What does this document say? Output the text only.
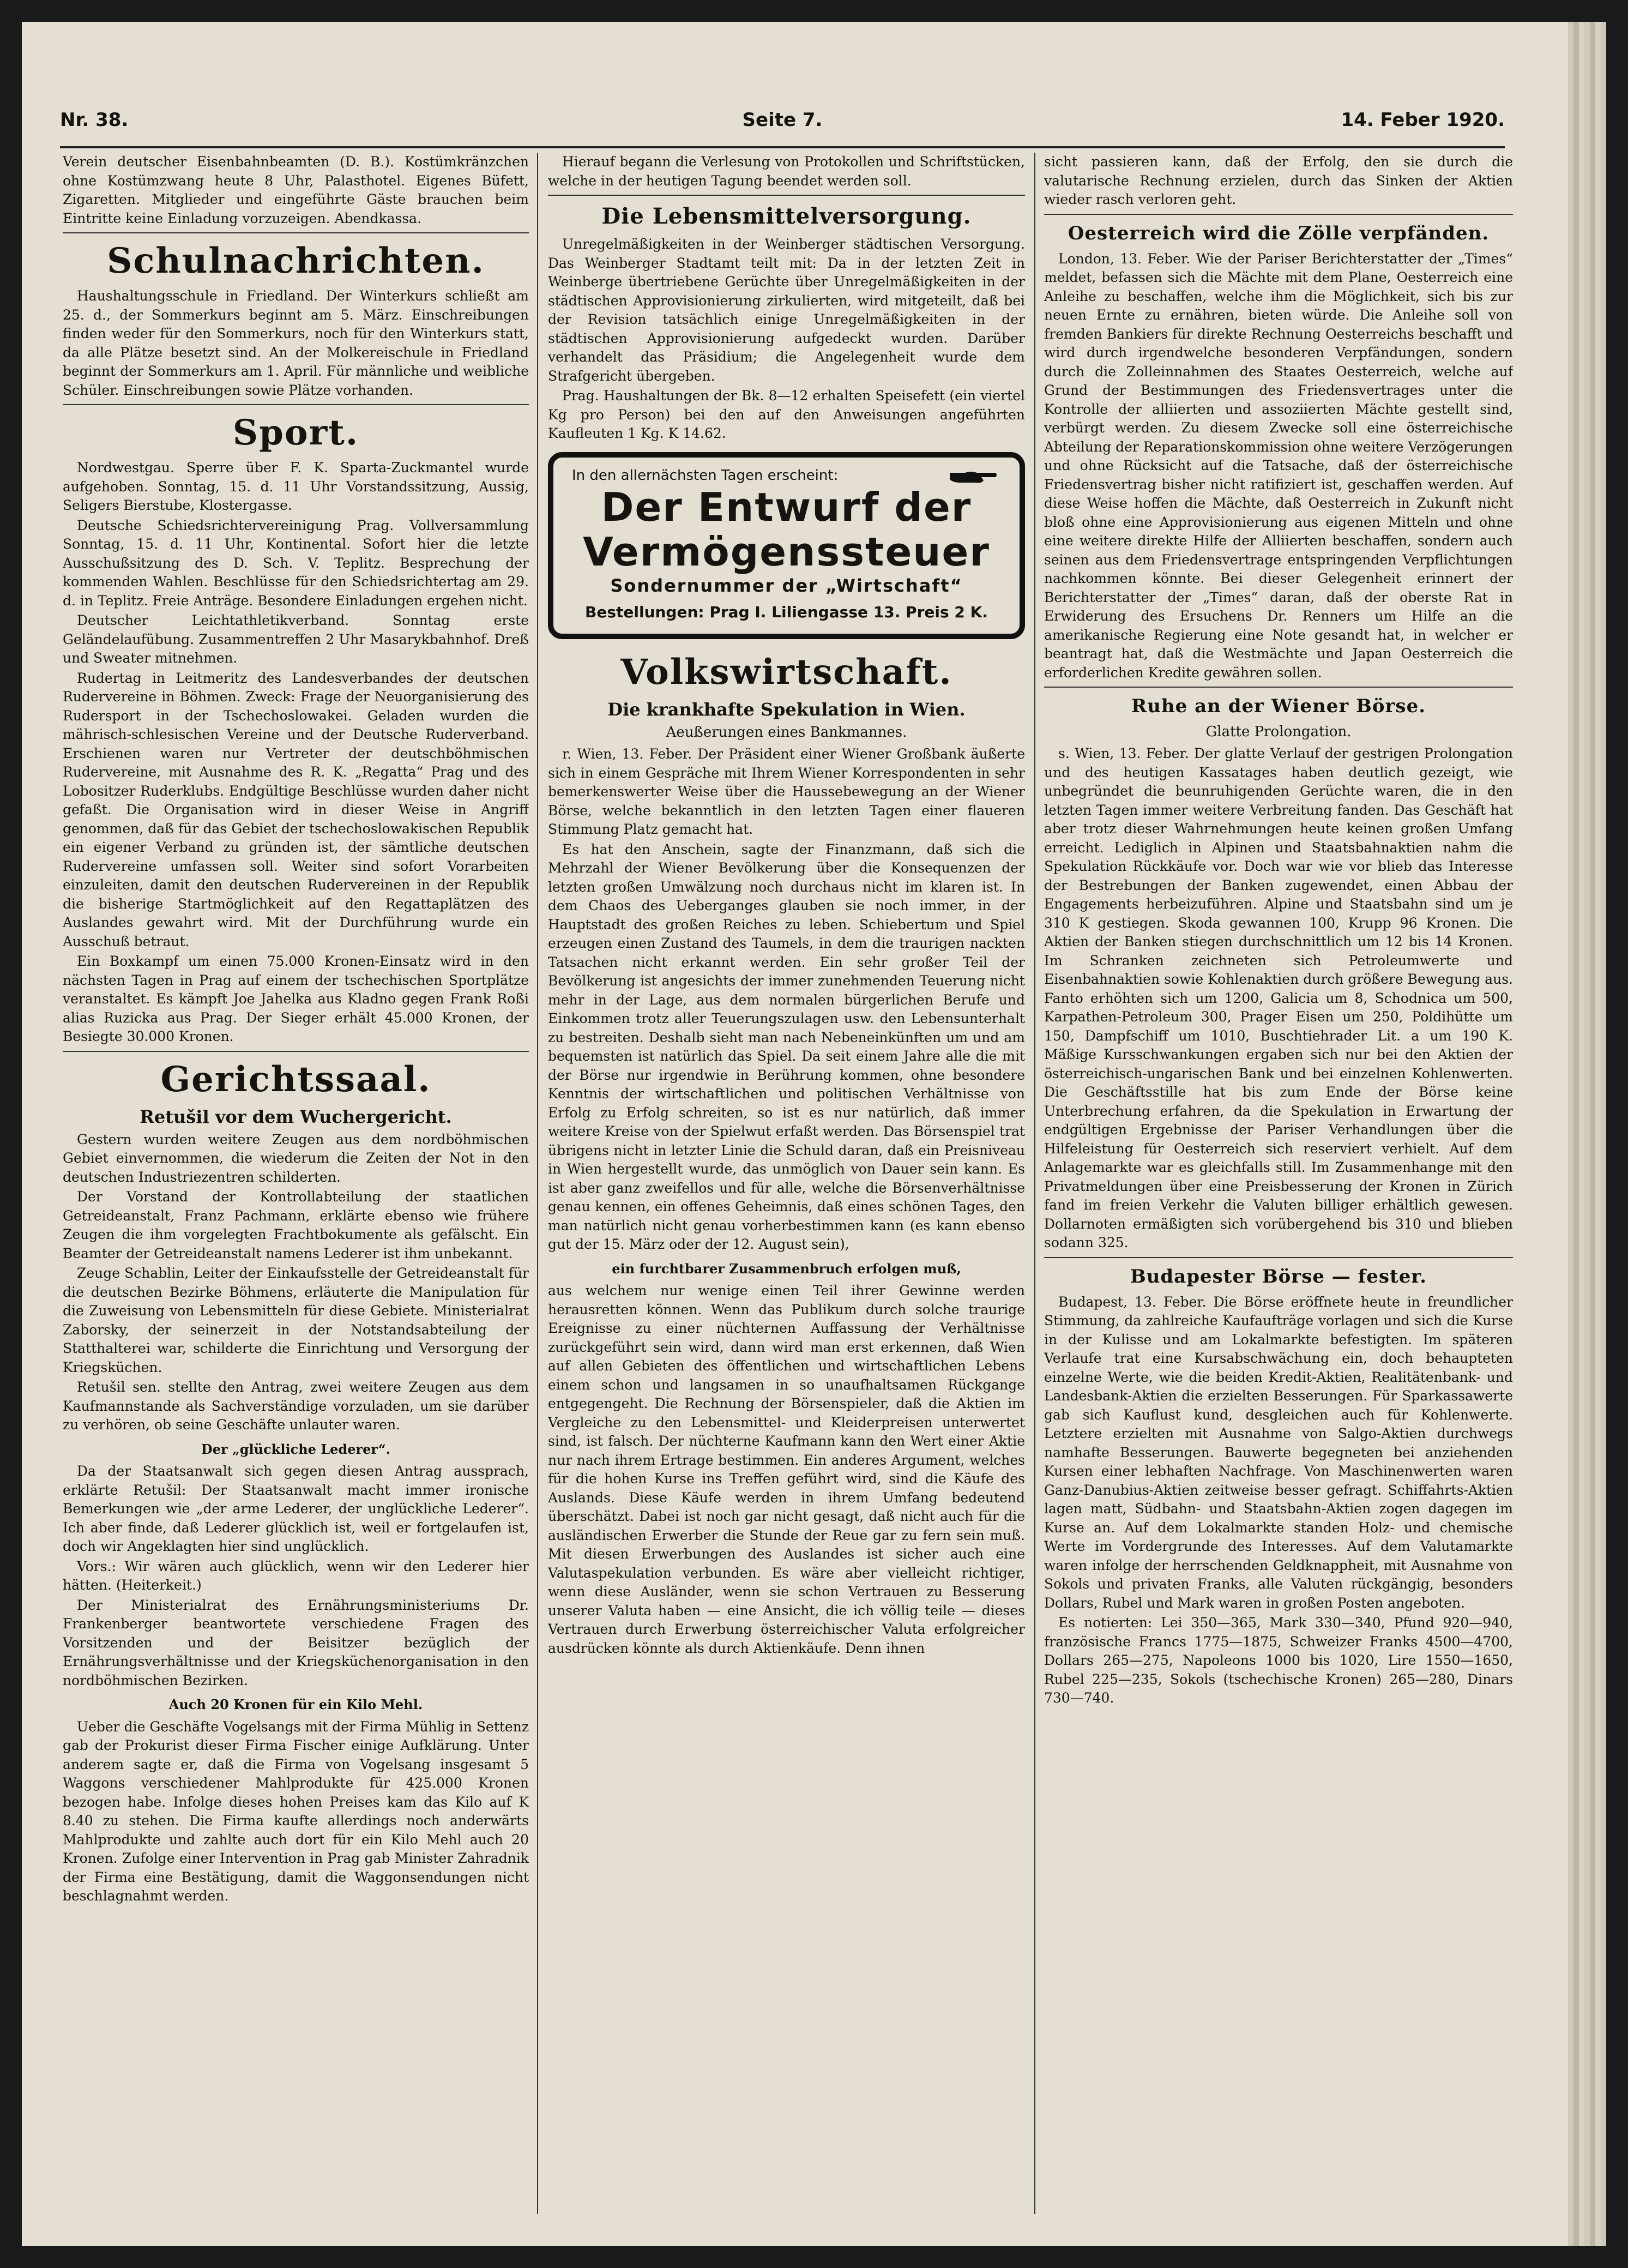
Nr. 38.	Seite 7.	14. Feber 1920.

Verein deutscher Eisenbahnbeamten (D. B.). Kostümkränzchen ohne Kostümzwang heute 8 Uhr, Palasthotel. Eigenes Büfett, Zigaretten. Mitglieder und eingeführte Gäste brauchen beim Eintritte keine Einladung vorzuzeigen. Abendkassa.

Schulnachrichten.

Haushaltungsschule in Friedland. Der Winterkurs schließt am 25. d., der Sommerkurs beginnt am 5. März. Einschreibungen finden weder für den Sommerkurs, noch für den Winterkurs statt, da alle Plätze besetzt sind. An der Molkereischule in Friedland beginnt der Sommerkurs am 1. April. Für männliche und weibliche Schüler. Einschreibungen sowie Plätze vorhanden.

Sport.

Nordwestgau. Sperre über F. K. Sparta-Zuckmantel wurde aufgehoben. Sonntag, 15. d. 11 Uhr Vorstandssitzung, Aussig, Seligers Bierstube, Klostergasse.

Deutsche Schiedsrichtervereinigung Prag. Vollversammlung Sonntag, 15. d. 11 Uhr, Kontinental. Sofort hier die letzte Ausschußsitzung des D. Sch. V. Teplitz. Besprechung der kommenden Wahlen. Beschlüsse für den Schiedsrichtertag am 29. d. in Teplitz. Freie Anträge. Besondere Einladungen ergehen nicht.

Deutscher Leichtathletikverband. Sonntag erste Geländelaufübung. Zusammentreffen 2 Uhr Masarykbahnhof. Dreß und Sweater mitnehmen.

Rudertag in Leitmeritz des Landesverbandes der deutschen Rudervereine in Böhmen. Zweck: Frage der Neuorganisierung des Rudersport in der Tschechoslowakei. Geladen wurden die mährisch-schlesischen Vereine und der Deutsche Ruderverband. Erschienen waren nur Vertreter der deutschböhmischen Rudervereine, mit Ausnahme des R. K. „Regatta“ Prag und des Lobositzer Ruderklubs. Endgültige Beschlüsse wurden daher nicht gefaßt. Die Organisation wird in dieser Weise in Angriff genommen, daß für das Gebiet der tschechoslowakischen Republik ein eigener Verband zu gründen ist, der sämtliche deutschen Rudervereine umfassen soll. Weiter sind sofort Vorarbeiten einzuleiten, damit den deutschen Rudervereinen in der Republik die bisherige Startmöglichkeit auf den Regattaplätzen des Auslandes gewahrt wird. Mit der Durchführung wurde ein Ausschuß betraut.

Ein Boxkampf um einen 75.000 Kronen-Einsatz wird in den nächsten Tagen in Prag auf einem der tschechischen Sportplätze veranstaltet. Es kämpft Joe Jahelka aus Kladno gegen Frank Roßi alias Ruzicka aus Prag. Der Sieger erhält 45.000 Kronen, der Besiegte 30.000 Kronen.

Gerichtssaal.
Retušil vor dem Wuchergericht.

Gestern wurden weitere Zeugen aus dem nordböhmischen Gebiet einvernommen, die wiederum die Zeiten der Not in den deutschen Industriezentren schilderten.

Der Vorstand der Kontrollabteilung der staatlichen Getreideanstalt, Franz Pachmann, erklärte ebenso wie frühere Zeugen die ihm vorgelegten Frachtbokumente als gefälscht. Ein Beamter der Getreideanstalt namens Lederer ist ihm unbekannt.

Zeuge Schablin, Leiter der Einkaufsstelle der Getreideanstalt für die deutschen Bezirke Böhmens, erläuterte die Manipulation für die Zuweisung von Lebensmitteln für diese Gebiete. Ministerialrat Zaborsky, der seinerzeit in der Notstandsabteilung der Statthalterei war, schilderte die Einrichtung und Versorgung der Kriegsküchen.

Retušil sen. stellte den Antrag, zwei weitere Zeugen aus dem Kaufmannstande als Sachverständige vorzuladen, um sie darüber zu verhören, ob seine Geschäfte unlauter waren.

Der „glückliche Lederer“.

Da der Staatsanwalt sich gegen diesen Antrag aussprach, erklärte Retušil: Der Staatsanwalt macht immer ironische Bemerkungen wie „der arme Lederer, der unglückliche Lederer“. Ich aber finde, daß Lederer glücklich ist, weil er fortgelaufen ist, doch wir Angeklagten hier sind unglücklich.

Vors.: Wir wären auch glücklich, wenn wir den Lederer hier hätten. (Heiterkeit.)

Der Ministerialrat des Ernährungsministeriums Dr. Frankenberger beantwortete verschiedene Fragen des Vorsitzenden und der Beisitzer bezüglich der Ernährungsverhältnisse und der Kriegsküchenorganisation in den nordböhmischen Bezirken.

Auch 20 Kronen für ein Kilo Mehl.

Ueber die Geschäfte Vogelsangs mit der Firma Mühlig in Settenz gab der Prokurist dieser Firma Fischer einige Aufklärung. Unter anderem sagte er, daß die Firma von Vogelsang insgesamt 5 Waggons verschiedener Mahlprodukte für 425.000 Kronen bezogen habe. Infolge dieses hohen Preises kam das Kilo auf K 8.40 zu stehen. Die Firma kaufte allerdings noch anderwärts Mahlprodukte und zahlte auch dort für ein Kilo Mehl auch 20 Kronen. Zufolge einer Intervention in Prag gab Minister Zahradnik der Firma eine Bestätigung, damit die Waggonsendungen nicht beschlagnahmt werden.

Hierauf begann die Verlesung von Protokollen und Schriftstücken, welche in der heutigen Tagung beendet werden soll.

Die Lebensmittelversorgung.

Unregelmäßigkeiten in der Weinberger städtischen Versorgung. Das Weinberger Stadtamt teilt mit: Da in der letzten Zeit in Weinberge übertriebene Gerüchte über Unregelmäßigkeiten in der städtischen Approvisionierung zirkulierten, wird mitgeteilt, daß bei der Revision tatsächlich einige Unregelmäßigkeiten in der städtischen Approvisionierung aufgedeckt wurden. Darüber verhandelt das Präsidium; die Angelegenheit wurde dem Strafgericht übergeben.

Prag. Haushaltungen der Bk. 8—12 erhalten Speisefett (ein viertel Kg pro Person) bei den auf den Anweisungen angeführten Kaufleuten 1 Kg. K 14.62.

In den allernächsten Tagen erscheint:
Der Entwurf der
Vermögenssteuer
Sondernummer der „Wirtschaft“
Bestellungen: Prag I. Liliengasse 13. Preis 2 K.
Volkswirtschaft.
Die krankhafte Spekulation in Wien.
Aeußerungen eines Bankmannes.

r. Wien, 13. Feber. Der Präsident einer Wiener Großbank äußerte sich in einem Gespräche mit Ihrem Wiener Korrespondenten in sehr bemerkenswerter Weise über die Haussebewegung an der Wiener Börse, welche bekanntlich in den letzten Tagen einer flaueren Stimmung Platz gemacht hat.

Es hat den Anschein, sagte der Finanzmann, daß sich die Mehrzahl der Wiener Bevölkerung über die Konsequenzen der letzten großen Umwälzung noch durchaus nicht im klaren ist. In dem Chaos des Ueberganges glauben sie noch immer, in der Hauptstadt des großen Reiches zu leben. Schiebertum und Spiel erzeugen einen Zustand des Taumels, in dem die traurigen nackten Tatsachen nicht erkannt werden. Ein sehr großer Teil der Bevölkerung ist angesichts der immer zunehmenden Teuerung nicht mehr in der Lage, aus dem normalen bürgerlichen Berufe und Einkommen trotz aller Teuerungszulagen usw. den Lebensunterhalt zu bestreiten. Deshalb sieht man nach Nebeneinkünften um und am bequemsten ist natürlich das Spiel. Da seit einem Jahre alle die mit der Börse nur irgendwie in Berührung kommen, ohne besondere Kenntnis der wirtschaftlichen und politischen Verhältnisse von Erfolg zu Erfolg schreiten, so ist es nur natürlich, daß immer weitere Kreise von der Spielwut erfaßt werden. Das Börsenspiel trat übrigens nicht in letzter Linie die Schuld daran, daß ein Preisniveau in Wien hergestellt wurde, das unmöglich von Dauer sein kann. Es ist aber ganz zweifellos und für alle, welche die Börsenverhältnisse genau kennen, ein offenes Geheimnis, daß eines schönen Tages, den man natürlich nicht genau vorherbestimmen kann (es kann ebenso gut der 15. März oder der 12. August sein),

ein furchtbarer Zusammenbruch erfolgen muß,

aus welchem nur wenige einen Teil ihrer Gewinne werden herausretten können. Wenn das Publikum durch solche traurige Ereignisse zu einer nüchternen Auffassung der Verhältnisse zurückgeführt sein wird, dann wird man erst erkennen, daß Wien auf allen Gebieten des öffentlichen und wirtschaftlichen Lebens einem schon und langsamen in so unaufhaltsamen Rückgange entgegengeht. Die Rechnung der Börsenspieler, daß die Aktien im Vergleiche zu den Lebensmittel- und Kleiderpreisen unterwertet sind, ist falsch. Der nüchterne Kaufmann kann den Wert einer Aktie nur nach ihrem Ertrage bestimmen. Ein anderes Argument, welches für die hohen Kurse ins Treffen geführt wird, sind die Käufe des Auslands. Diese Käufe werden in ihrem Umfang bedeutend überschätzt. Dabei ist noch gar nicht gesagt, daß nicht auch für die ausländischen Erwerber die Stunde der Reue gar zu fern sein muß. Mit diesen Erwerbungen des Auslandes ist sicher auch eine Valutaspekulation verbunden. Es wäre aber vielleicht richtiger, wenn diese Ausländer, wenn sie schon Vertrauen zu Besserung unserer Valuta haben — eine Ansicht, die ich völlig teile — dieses Vertrauen durch Erwerbung österreichischer Valuta erfolgreicher ausdrücken könnte als durch Aktienkäufe. Denn ihnen

sicht passieren kann, daß der Erfolg, den sie durch die valutarische Rechnung erzielen, durch das Sinken der Aktien wieder rasch verloren geht.

Oesterreich wird die Zölle verpfänden.

London, 13. Feber. Wie der Pariser Berichterstatter der „Times“ meldet, befassen sich die Mächte mit dem Plane, Oesterreich eine Anleihe zu beschaffen, welche ihm die Möglichkeit, sich bis zur neuen Ernte zu ernähren, bieten würde. Die Anleihe soll von fremden Bankiers für direkte Rechnung Oesterreichs beschafft und wird durch irgendwelche besonderen Verpfändungen, sondern durch die Zolleinnahmen des Staates Oesterreich, welche auf Grund der Bestimmungen des Friedensvertrages unter die Kontrolle der alliierten und assoziierten Mächte gestellt sind, verbürgt werden. Zu diesem Zwecke soll eine österreichische Abteilung der Reparationskommission ohne weitere Verzögerungen und ohne Rücksicht auf die Tatsache, daß der österreichische Friedensvertrag bisher nicht ratifiziert ist, geschaffen werden. Auf diese Weise hoffen die Mächte, daß Oesterreich in Zukunft nicht bloß ohne eine Approvisionierung aus eigenen Mitteln und ohne eine weitere direkte Hilfe der Alliierten beschaffen, sondern auch seinen aus dem Friedensvertrage entspringenden Verpflichtungen nachkommen könnte. Bei dieser Gelegenheit erinnert der Berichterstatter der „Times“ daran, daß der oberste Rat in Erwiderung des Ersuchens Dr. Renners um Hilfe an die amerikanische Regierung eine Note gesandt hat, in welcher er beantragt hat, daß die Westmächte und Japan Oesterreich die erforderlichen Kredite gewähren sollen.

Ruhe an der Wiener Börse.
Glatte Prolongation.

s. Wien, 13. Feber. Der glatte Verlauf der gestrigen Prolongation und des heutigen Kassatages haben deutlich gezeigt, wie unbegründet die beunruhigenden Gerüchte waren, die in den letzten Tagen immer weitere Verbreitung fanden. Das Geschäft hat aber trotz dieser Wahrnehmungen heute keinen großen Umfang erreicht. Lediglich in Alpinen und Staatsbahnaktien nahm die Spekulation Rückkäufe vor. Doch war wie vor blieb das Interesse der Bestrebungen der Banken zugewendet, einen Abbau der Engagements herbeizuführen. Alpine und Staatsbahn sind um je 310 K gestiegen. Skoda gewannen 100, Krupp 96 Kronen. Die Aktien der Banken stiegen durchschnittlich um 12 bis 14 Kronen. Im Schranken zeichneten sich Petroleumwerte und Eisenbahnaktien sowie Kohlenaktien durch größere Bewegung aus. Fanto erhöhten sich um 1200, Galicia um 8, Schodnica um 500, Karpathen-Petroleum 300, Prager Eisen um 250, Poldihütte um 150, Dampfschiff um 1010, Buschtiehrader Lit. a um 190 K. Mäßige Kursschwankungen ergaben sich nur bei den Aktien der österreichisch-ungarischen Bank und bei einzelnen Kohlenwerten. Die Geschäftsstille hat bis zum Ende der Börse keine Unterbrechung erfahren, da die Spekulation in Erwartung der endgültigen Ergebnisse der Pariser Verhandlungen über die Hilfeleistung für Oesterreich sich reserviert verhielt. Auf dem Anlagemarkte war es gleichfalls still. Im Zusammenhange mit den Privatmeldungen über eine Preisbesserung der Kronen in Zürich fand im freien Verkehr die Valuten billiger erhältlich gewesen. Dollarnoten ermäßigten sich vorübergehend bis 310 und blieben sodann 325.

Budapester Börse — fester.

Budapest, 13. Feber. Die Börse eröffnete heute in freundlicher Stimmung, da zahlreiche Kaufaufträge vorlagen und sich die Kurse in der Kulisse und am Lokalmarkte befestigten. Im späteren Verlaufe trat eine Kursabschwächung ein, doch behaupteten einzelne Werte, wie die beiden Kredit-Aktien, Realitätenbank- und Landesbank-Aktien die erzielten Besserungen. Für Sparkassawerte gab sich Kauflust kund, desgleichen auch für Kohlenwerte. Letztere erzielten mit Ausnahme von Salgo-Aktien durchwegs namhafte Besserungen. Bauwerte begegneten bei anziehenden Kursen einer lebhaften Nachfrage. Von Maschinenwerten waren Ganz-Danubius-Aktien zeitweise besser gefragt. Schiffahrts-Aktien lagen matt, Südbahn- und Staatsbahn-Aktien zogen dagegen im Kurse an. Auf dem Lokalmarkte standen Holz- und chemische Werte im Vordergrunde des Interesses. Auf dem Valutamarkte waren infolge der herrschenden Geldknappheit, mit Ausnahme von Sokols und privaten Franks, alle Valuten rückgängig, besonders Dollars, Rubel und Mark waren in großen Posten angeboten.

Es notierten: Lei 350—365, Mark 330—340, Pfund 920—940, französische Francs 1775—1875, Schweizer Franks 4500—4700, Dollars 265—275, Napoleons 1000 bis 1020, Lire 1550—1650, Rubel 225—235, Sokols (tschechische Kronen) 265—280, Dinars 730—740.
